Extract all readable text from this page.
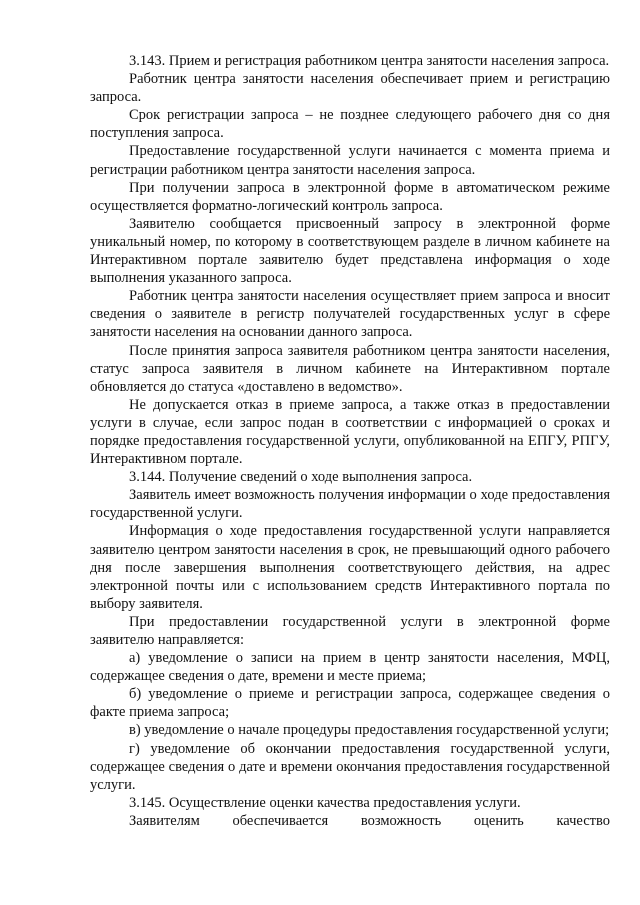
3.143. Прием и регистрация работником центра занятости населения запроса.

Работник центра занятости населения обеспечивает прием и регистрацию запроса.

Срок регистрации запроса – не позднее следующего рабочего дня со дня поступления запроса.

Предоставление государственной услуги начинается с момента приема и регистрации работником центра занятости населения запроса.

При получении запроса в электронной форме в автоматическом режиме осуществляется форматно-логический контроль запроса.

Заявителю сообщается присвоенный запросу в электронной форме уникальный номер, по которому в соответствующем разделе в личном кабинете на Интерактивном портале заявителю будет представлена информация о ходе выполнения указанного запроса.

Работник центра занятости населения осуществляет прием запроса и вносит сведения о заявителе в регистр получателей государственных услуг в сфере занятости населения на основании данного запроса.

После принятия запроса заявителя работником центра занятости населения, статус запроса заявителя в личном кабинете на Интерактивном портале обновляется до статуса «доставлено в ведомство».

Не допускается отказ в приеме запроса, а также отказ в предоставлении услуги в случае, если запрос подан в соответствии с информацией о сроках и порядке предоставления государственной услуги, опубликованной на ЕПГУ, РПГУ, Интерактивном портале.

3.144. Получение сведений о ходе выполнения запроса.

Заявитель имеет возможность получения информации о ходе предоставления государственной услуги.

Информация о ходе предоставления государственной услуги направляется заявителю центром занятости населения в срок, не превышающий одного рабочего дня после завершения выполнения соответствующего действия, на адрес электронной почты или с использованием средств Интерактивного портала по выбору заявителя.

При предоставлении государственной услуги в электронной форме заявителю направляется:

а) уведомление о записи на прием в центр занятости населения, МФЦ, содержащее сведения о дате, времени и месте приема;

б) уведомление о приеме и регистрации запроса, содержащее сведения о факте приема запроса;

в) уведомление о начале процедуры предоставления государственной услуги;

г) уведомление об окончании предоставления государственной услуги, содержащее сведения о дате и времени окончания предоставления государственной услуги.

3.145. Осуществление оценки качества предоставления услуги.

Заявителям обеспечивается возможность оценить качество
